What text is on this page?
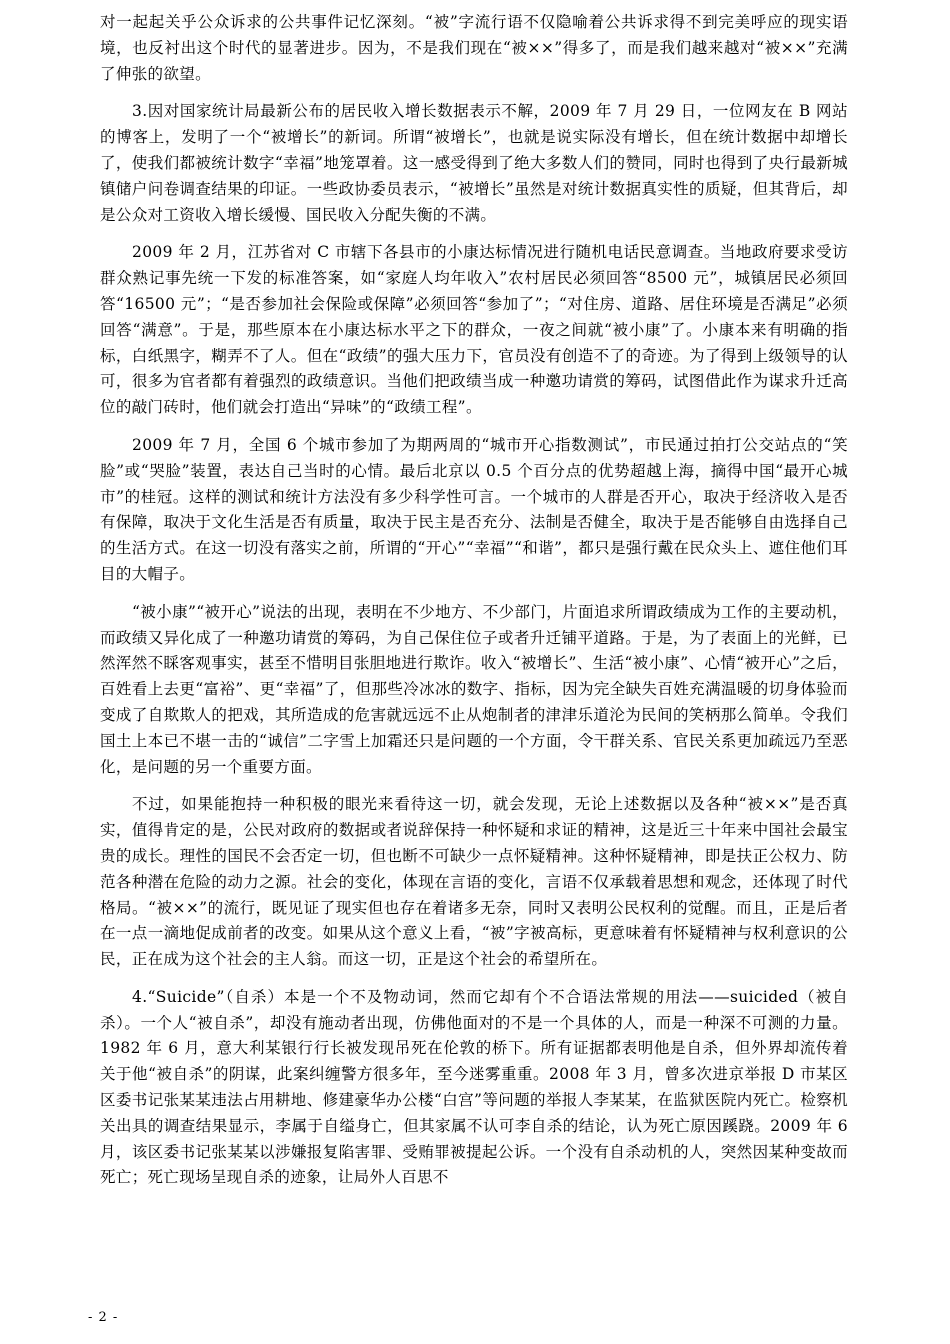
对一起起关乎公众诉求的公共事件记忆深刻。“被”字流行语不仅隐喻着公共诉求得不到完美呼应的现实语境，也反衬出这个时代的显著进步。因为，不是我们现在“被××”得多了，而是我们越来越对“被××”充满了伸张的欲望。

3.因对国家统计局最新公布的居民收入增长数据表示不解，2009 年 7 月 29 日，一位网友在 B 网站的博客上，发明了一个“被增长”的新词。所谓“被增长”，也就是说实际没有增长，但在统计数据中却增长了，使我们都被统计数字“幸福”地笼罩着。这一感受得到了绝大多数人们的赞同，同时也得到了央行最新城镇储户问卷调查结果的印证。一些政协委员表示，“被增长”虽然是对统计数据真实性的质疑，但其背后，却是公众对工资收入增长缓慢、国民收入分配失衡的不满。

2009 年 2 月，江苏省对 C 市辖下各县市的小康达标情况进行随机电话民意调查。当地政府要求受访群众熟记事先统一下发的标准答案，如“家庭人均年收入”农村居民必须回答“8500 元”，城镇居民必须回答“16500 元”；“是否参加社会保险或保障”必须回答“参加了”；“对住房、道路、居住环境是否满足”必须回答“满意”。于是，那些原本在小康达标水平之下的群众，一夜之间就“被小康”了。小康本来有明确的指标，白纸黑字，糊弄不了人。但在“政绩”的强大压力下，官员没有创造不了的奇迹。为了得到上级领导的认可，很多为官者都有着强烈的政绩意识。当他们把政绩当成一种邀功请赏的筹码，试图借此作为谋求升迁高位的敲门砖时，他们就会打造出“异味”的“政绩工程”。

2009 年 7 月，全国 6 个城市参加了为期两周的“城市开心指数测试”，市民通过拍打公交站点的“笑脸”或“哭脸”装置，表达自己当时的心情。最后北京以 0.5 个百分点的优势超越上海，摘得中国“最开心城市”的桂冠。这样的测试和统计方法没有多少科学性可言。一个城市的人群是否开心，取决于经济收入是否有保障，取决于文化生活是否有质量，取决于民主是否充分、法制是否健全，取决于是否能够自由选择自己的生活方式。在这一切没有落实之前，所谓的“开心”“幸福”“和谐”，都只是强行戴在民众头上、遮住他们耳目的大帽子。

“被小康”“被开心”说法的出现，表明在不少地方、不少部门，片面追求所谓政绩成为工作的主要动机，而政绩又异化成了一种邀功请赏的筹码，为自己保住位子或者升迁铺平道路。于是，为了表面上的光鲜，已然浑然不睬客观事实，甚至不惜明目张胆地进行欺诈。收入“被增长”、生活“被小康”、心情“被开心”之后，百姓看上去更“富裕”、更“幸福”了，但那些冷冰冰的数字、指标，因为完全缺失百姓充满温暖的切身体验而变成了自欺欺人的把戏，其所造成的危害就远远不止从炮制者的津津乐道沦为民间的笑柄那么简单。令我们国土上本已不堪一击的“诚信”二字雪上加霜还只是问题的一个方面，令干群关系、官民关系更加疏远乃至恶化，是问题的另一个重要方面。

不过，如果能抱持一种积极的眼光来看待这一切，就会发现，无论上述数据以及各种“被××”是否真实，值得肯定的是，公民对政府的数据或者说辞保持一种怀疑和求证的精神，这是近三十年来中国社会最宝贵的成长。理性的国民不会否定一切，但也断不可缺少一点怀疑精神。这种怀疑精神，即是扶正公权力、防范各种潜在危险的动力之源。社会的变化，体现在言语的变化，言语不仅承载着思想和观念，还体现了时代格局。“被××”的流行，既见证了现实但也存在着诸多无奈，同时又表明公民权利的觉醒。而且，正是后者在一点一滴地促成前者的改变。如果从这个意义上看，“被”字被高标，更意味着有怀疑精神与权利意识的公民，正在成为这个社会的主人翁。而这一切，正是这个社会的希望所在。

4.“Suicide”（自杀）本是一个不及物动词，然而它却有个不合语法常规的用法——suicided（被自杀）。一个人“被自杀”，却没有施动者出现，仿佛他面对的不是一个具体的人，而是一种深不可测的力量。1982 年 6 月，意大利某银行行长被发现吊死在伦敦的桥下。所有证据都表明他是自杀，但外界却流传着关于他“被自杀”的阴谋，此案纠缠警方很多年，至今迷雾重重。2008 年 3 月，曾多次进京举报 D 市某区区委书记张某某违法占用耕地、修建豪华办公楼“白宫”等问题的举报人李某某，在监狱医院内死亡。检察机关出具的调查结果显示，李属于自缢身亡，但其家属不认可李自杀的结论，认为死亡原因蹊跷。2009 年 6 月，该区委书记张某某以涉嫌报复陷害罪、受贿罪被提起公诉。一个没有自杀动机的人，突然因某种变故而死亡；死亡现场呈现自杀的迹象，让局外人百思不

- 2 -
